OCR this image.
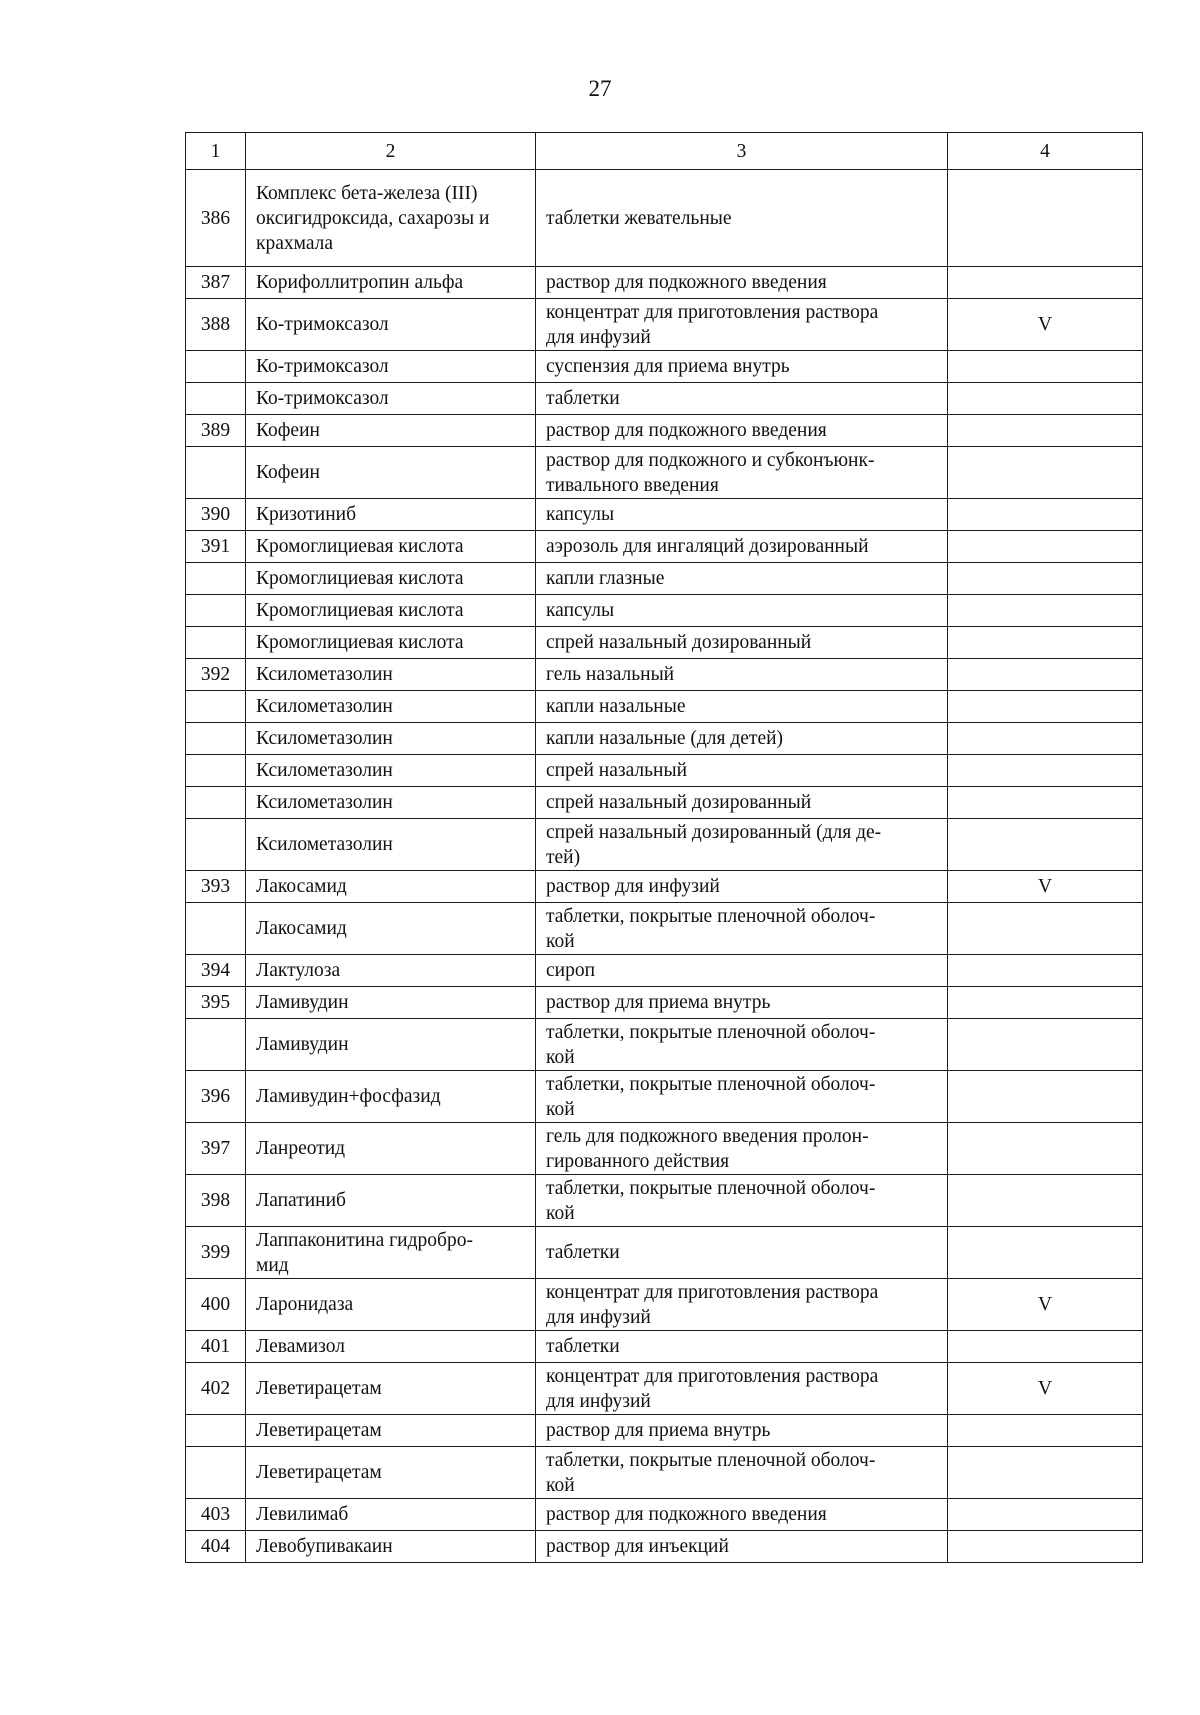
27
1	2	3	4
386	Комплекс бета-железа (III)
оксигидроксида, сахарозы и
крахмала	таблетки жевательные	
387	Корифоллитропин альфа	раствор для подкожного введения	
388	Ко-тримоксазол	концентрат для приготовления раствора
для инфузий	V
	Ко-тримоксазол	суспензия для приема внутрь	
	Ко-тримоксазол	таблетки	
389	Кофеин	раствор для подкожного введения	
	Кофеин	раствор для подкожного и субконъюнк-
тивального введения	
390	Кризотиниб	капсулы	
391	Кромоглициевая кислота	аэрозоль для ингаляций дозированный	
	Кромоглициевая кислота	капли глазные	
	Кромоглициевая кислота	капсулы	
	Кромоглициевая кислота	спрей назальный дозированный	
392	Ксилометазолин	гель назальный	
	Ксилометазолин	капли назальные	
	Ксилометазолин	капли назальные (для детей)	
	Ксилометазолин	спрей назальный	
	Ксилометазолин	спрей назальный дозированный	
	Ксилометазолин	спрей назальный дозированный (для де-
тей)	
393	Лакосамид	раствор для инфузий	V
	Лакосамид	таблетки, покрытые пленочной оболоч-
кой	
394	Лактулоза	сироп	
395	Ламивудин	раствор для приема внутрь	
	Ламивудин	таблетки, покрытые пленочной оболоч-
кой	
396	Ламивудин+фосфазид	таблетки, покрытые пленочной оболоч-
кой	
397	Ланреотид	гель для подкожного введения пролон-
гированного действия	
398	Лапатиниб	таблетки, покрытые пленочной оболоч-
кой	
399	Лаппаконитина гидробро-
мид	таблетки	
400	Ларонидаза	концентрат для приготовления раствора
для инфузий	V
401	Левамизол	таблетки	
402	Леветирацетам	концентрат для приготовления раствора
для инфузий	V
	Леветирацетам	раствор для приема внутрь	
	Леветирацетам	таблетки, покрытые пленочной оболоч-
кой	
403	Левилимаб	раствор для подкожного введения	
404	Левобупивакаин	раствор для инъекций	
